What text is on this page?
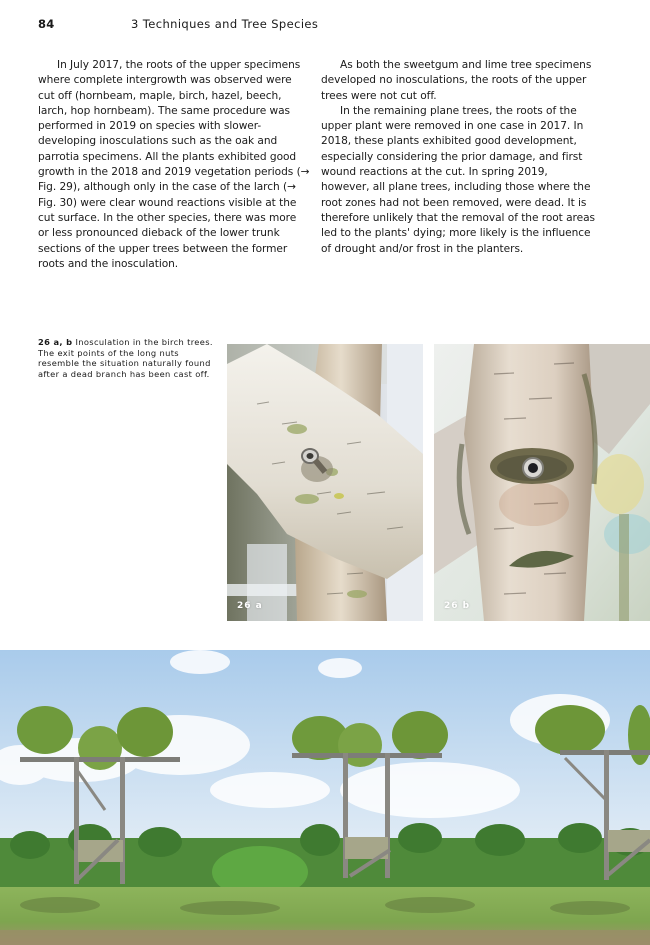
84	3 Techniques and Tree Species

In July 2017, the roots of the upper specimens where complete intergrowth was observed were cut off (hornbeam, maple, birch, hazel, beech, larch, hop hornbeam). The same procedure was performed in 2019 on species with slower-developing inosculations such as the oak and parrotia specimens. All the plants exhibited good growth in the 2018 and 2019 vegetation periods (→ Fig. 29), although only in the case of the larch (→ Fig. 30) were clear wound reactions visible at the cut surface. In the other species, there was more or less pronounced dieback of the lower trunk sections of the upper trees between the former roots and the inosculation.

As both the sweetgum and lime tree specimens developed no inosculations, the roots of the upper trees were not cut off.

In the remaining plane trees, the roots of the upper plant were removed in one case in 2017. In 2018, these plants exhibited good development, especially considering the prior damage, and first wound reactions at the cut. In spring 2019, however, all plane trees, including those where the root zones had not been removed, were dead. It is therefore unlikely that the removal of the root areas led to the plants' dying; more likely is the influence of drought and/or frost in the planters.

26 a, b Inosculation in the birch trees. The exit points of the long nuts resemble the situation naturally found after a dead branch has been cast off.
26 a	26 b
